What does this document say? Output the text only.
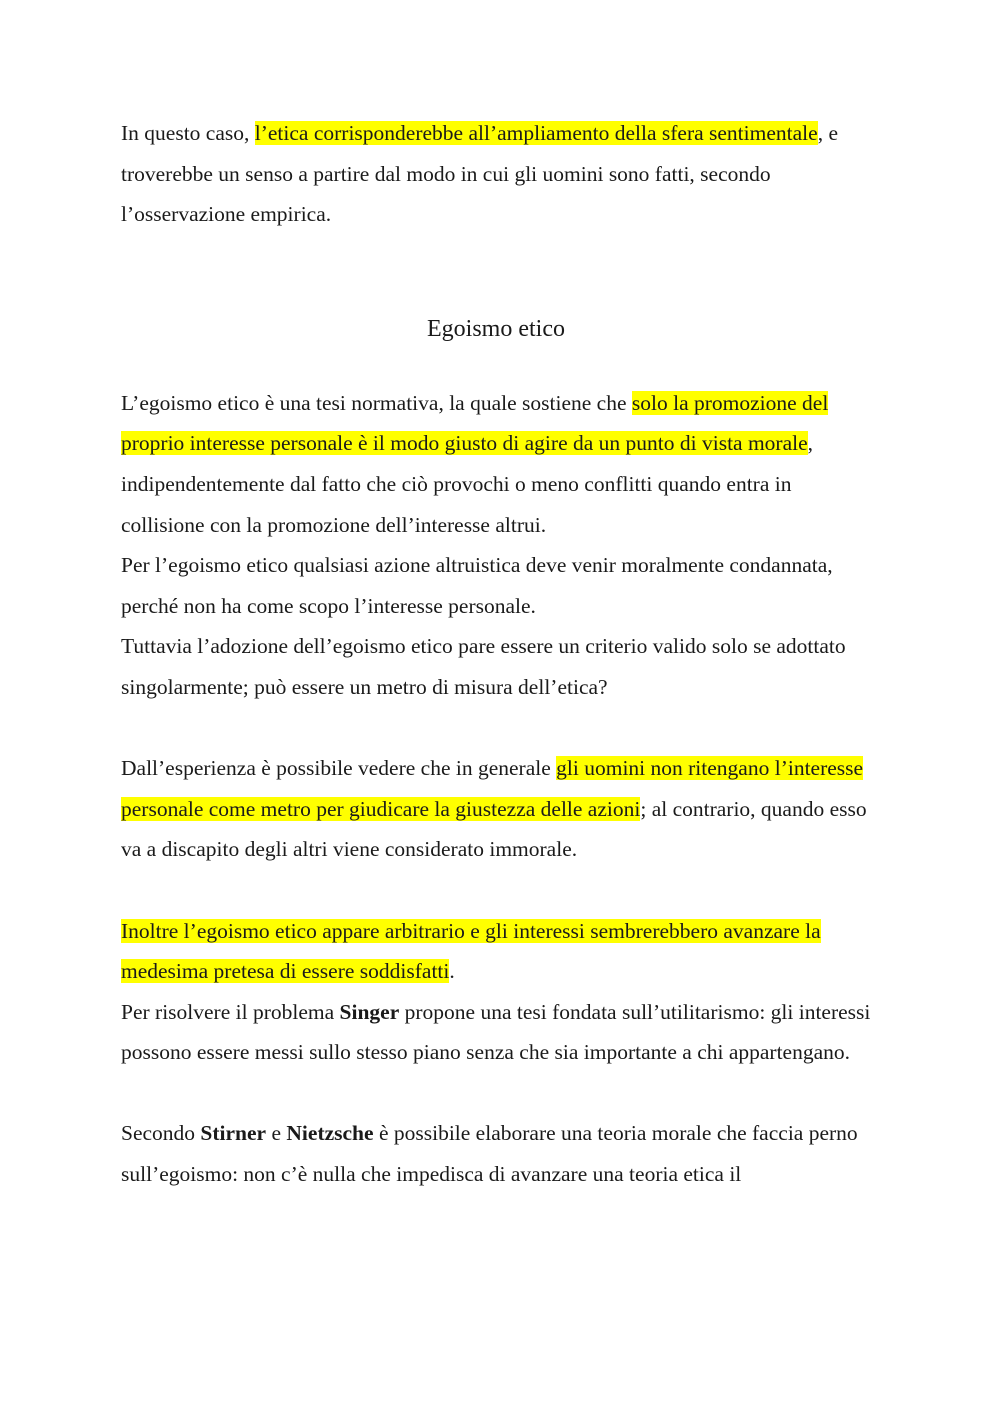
In questo caso, l’etica corrisponderebbe all’ampliamento della sfera sentimentale, e troverebbe un senso a partire dal modo in cui gli uomini sono fatti, secondo l’osservazione empirica.

Egoismo etico

L’egoismo etico è una tesi normativa, la quale sostiene che solo la promozione del proprio interesse personale è il modo giusto di agire da un punto di vista morale, indipendentemente dal fatto che ciò provochi o meno conflitti quando entra in collisione con la promozione dell’interesse altrui.

Per l’egoismo etico qualsiasi azione altruistica deve venir moralmente condannata, perché non ha come scopo l’interesse personale.

Tuttavia l’adozione dell’egoismo etico pare essere un criterio valido solo se adottato singolarmente; può essere un metro di misura dell’etica?

Dall’esperienza è possibile vedere che in generale gli uomini non ritengano l’interesse personale come metro per giudicare la giustezza delle azioni; al contrario, quando esso va a discapito degli altri viene considerato immorale.

Inoltre l’egoismo etico appare arbitrario e gli interessi sembrerebbero avanzare la medesima pretesa di essere soddisfatti.

Per risolvere il problema Singer propone una tesi fondata sull’utilitarismo: gli interessi possono essere messi sullo stesso piano senza che sia importante a chi appartengano.

Secondo Stirner e Nietzsche è possibile elaborare una teoria morale che faccia perno sull’egoismo: non c’è nulla che impedisca di avanzare una teoria etica il
